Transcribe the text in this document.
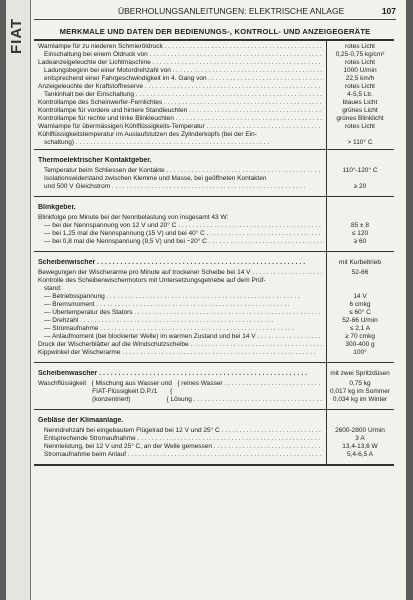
FIAT
ÜBERHOLUNGSANLEITUNGEN: ELEKTRISCHE ANLAGE	107
MERKMALE UND DATEN DER BEDIENUNGS-, KONTROLL- UND ANZEIGEGERÄTE
Warnlampe für zu niederen Schmieröldruck . . .	rotes Licht
Einschaltung bei einem Öldruck von . . .	0,25-0,75 kg/cm²
Ladeanzeigeleuchte der Lichtmaschine . . .	rotes Licht
Ladungsbeginn bei einer Motordrehzahl von . . .	1000 U/min
entsprechend einer Fahrgeschwindigkeit im 4. Gang von . . .	22,5 km/h
Anzeigeleuchte der Kraftstoffreserve . . .	rotes Licht
Tankinhalt bei der Einschaltung . . .	4-5,5 Ltr.
Kontrollampe des Scheinwerfer-Fernlichtes . . .	blaues Licht
Kontrollampe für vordere und hintere Standleuchten . . .	grünes Licht
Kontrollampe für rechte und linke Blinkleuchten . . .	grünes Blinklicht
Warnlampe für übermässigen Kühlflüssigkeits-Temperatur . . .	rotes Licht
Kühlflüssigkeitstemperatur im Auslaufstutzen des Zylinderkopfs (bei der Ein-
schaltung) . . .	> 110° C
Thermoelektrischer Kontaktgeber.
Temperatur beim Schliessen der Kontakte . . .	110°-120° C
Isolationswiderstand zwischen Klemme und Masse, bei geöffneten Kontakten
und 500 V Gleichstrom . . .	≥ 20
Blinkgeber.
Blinkfolge pro Minute bei der Nennbelastung von insgesamt 43 W:
— bei der Nennspannung von 12 V und 20° C . . .	85 ± 8
— bei 1,25 mal die Nennspannung (15 V) und bei 40° C . . .	≤ 120
— bei 0,8 mal die Nennspannung (9,5 V) und bei −20° C . . .	≥ 60
Scheibenwischer . . .	mit Kurbeltrieb
Bewegungen der Wischerarme pro Minute auf trockener Scheibe bei 14 V . . .	52-66
Kontrolle des Scheibenwischermotors mit Untersetzungsgetriebe auf dem Prüf-
stand:
— Betriebsspannung . . .	14 V
— Bremsmoment . . .	6 cmkg
— Übertemperatur des Stators . . .	≤ 60° C
— Drehzahl . . .	52-66 U/min
— Stromaufnahme . . .	≤ 2,1 A
— Anlaufmoment (bei blockierter Welle) im warmen Zustand und bei 14 V . . .	≥ 70 cmkg
Druck der Wischerblätter auf die Windschutzscheibe . . .	300-400 g
Kippwinkel der Wischerarme . . .	100°
Scheibenwascher . . .	mit zwei Spritzdüsen
Waschflüssigkeit   { Mischung aus Wasser und   { reines Wasser . . .	0,75 kg
FIAT-Flüssigkeit D.P./1       {	0,017 kg im Sommer
(konzentriert)                    { Lösung . . .	0,034 kg im Winter
Gebläse der Klimaanlage.
Nenndrehzahl bei eingebautem Flügelrad bei 12 V und 25° C . . .	2600-2800 U/min
Entsprechende Stromaufnahme . . .	3 A
Nennleistung, bei 12 V und 25° C, an der Welle gemessen . . .	13,4-13,6 W
Stromaufnahme beim Anlauf . . .	5,4-6,5 A
